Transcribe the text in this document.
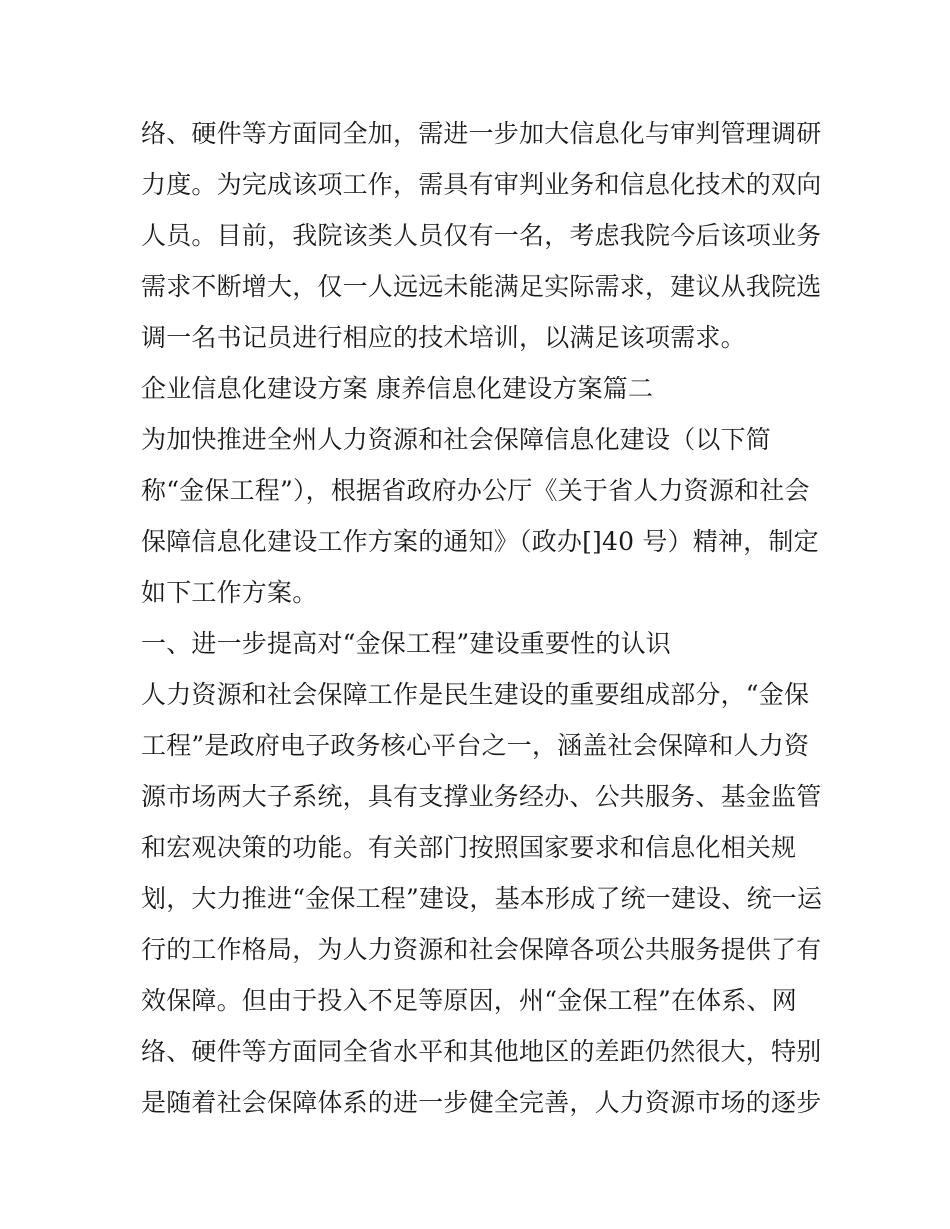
络、硬件等方面同全加，需进一步加大信息化与审判管理调研
力度。为完成该项工作，需具有审判业务和信息化技术的双向
人员。目前，我院该类人员仅有一名，考虑我院今后该项业务
需求不断增大，仅一人远远未能满足实际需求，建议从我院选
调一名书记员进行相应的技术培训，以满足该项需求。
企业信息化建设方案 康养信息化建设方案篇二
为加快推进全州人力资源和社会保障信息化建设（以下简
称“金保工程”），根据省政府办公厅《关于省人力资源和社会
保障信息化建设工作方案的通知》（政办[]40 号）精神，制定
如下工作方案。
一、进一步提高对“金保工程”建设重要性的认识
人力资源和社会保障工作是民生建设的重要组成部分，“金保
工程”是政府电子政务核心平台之一，涵盖社会保障和人力资
源市场两大子系统，具有支撑业务经办、公共服务、基金监管
和宏观决策的功能。有关部门按照国家要求和信息化相关规
划，大力推进“金保工程”建设，基本形成了统一建设、统一运
行的工作格局，为人力资源和社会保障各项公共服务提供了有
效保障。但由于投入不足等原因，州“金保工程”在体系、网
络、硬件等方面同全省水平和其他地区的差距仍然很大，特别
是随着社会保障体系的进一步健全完善，人力资源市场的逐步
